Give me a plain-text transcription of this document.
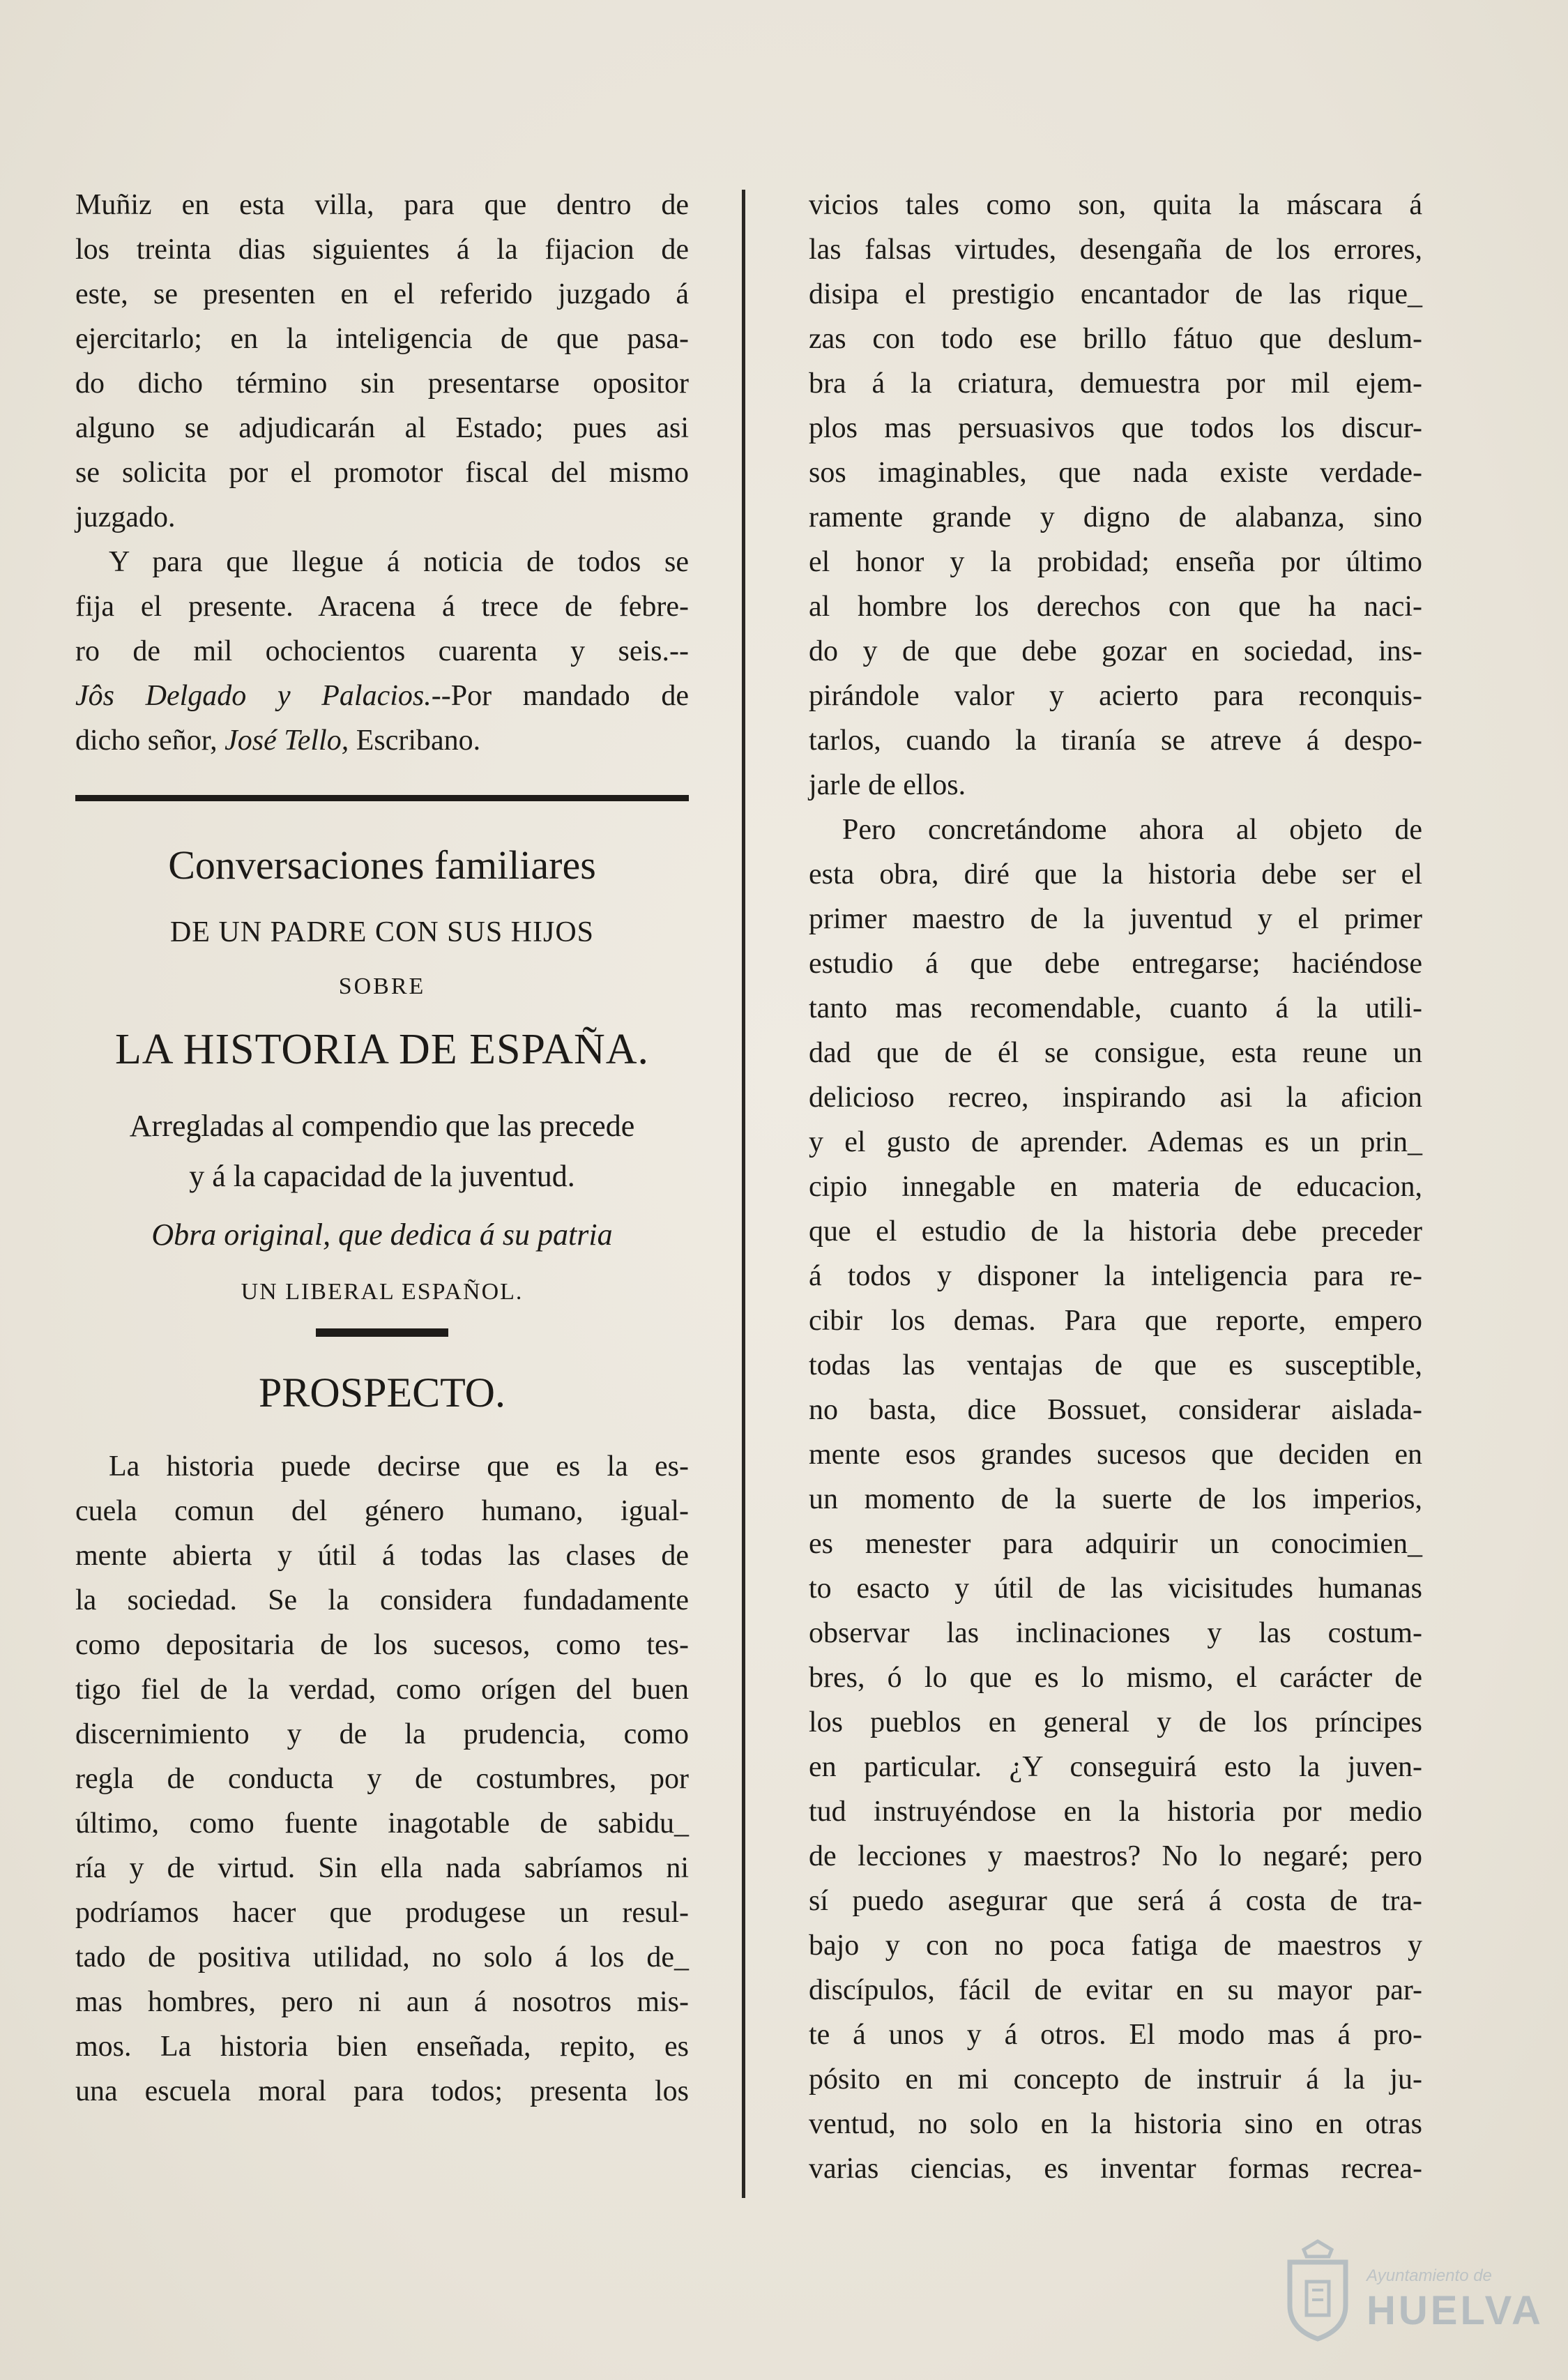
Muñiz en esta villa, para que dentro de
los treinta dias siguientes á la fijacion de
este, se presenten en el referido juzgado á
ejercitarlo; en la inteligencia de que pasa-
do dicho término sin presentarse opositor
alguno se adjudicarán al Estado; pues asi
se solicita por el promotor fiscal del mismo
juzgado.
Y para que llegue á noticia de todos se
fija el presente. Aracena á trece de febre-
ro de mil ochocientos cuarenta y seis.--
Jôs Delgado y Palacios.--Por mandado de
dicho señor, José Tello, Escribano.
Conversaciones familiares
DE UN PADRE CON SUS HIJOS
SOBRE
LA HISTORIA DE ESPAÑA.
Arregladas al compendio que las precede
y á la capacidad de la juventud.
Obra original, que dedica á su patria
UN LIBERAL ESPAÑOL.
PROSPECTO.
La historia puede decirse que es la es-
cuela comun del género humano, igual-
mente abierta y útil á todas las clases de
la sociedad. Se la considera fundadamente
como depositaria de los sucesos, como tes-
tigo fiel de la verdad, como orígen del buen
discernimiento y de la prudencia, como
regla de conducta y de costumbres, por
último, como fuente inagotable de sabidu_
ría y de virtud. Sin ella nada sabríamos ni
podríamos hacer que produgese un resul-
tado de positiva utilidad, no solo á los de_
mas hombres, pero ni aun á nosotros mis-
mos. La historia bien enseñada, repito, es
una escuela moral para todos; presenta los
vicios tales como son, quita la máscara á
las falsas virtudes, desengaña de los errores,
disipa el prestigio encantador de las rique_
zas con todo ese brillo fátuo que deslum-
bra á la criatura, demuestra por mil ejem-
plos mas persuasivos que todos los discur-
sos imaginables, que nada existe verdade-
ramente grande y digno de alabanza, sino
el honor y la probidad; enseña por último
al hombre los derechos con que ha naci-
do y de que debe gozar en sociedad, ins-
pirándole valor y acierto para reconquis-
tarlos, cuando la tiranía se atreve á despo-
jarle de ellos.
Pero concretándome ahora al objeto de
esta obra, diré que la historia debe ser el
primer maestro de la juventud y el primer
estudio á que debe entregarse; haciéndose
tanto mas recomendable, cuanto á la utili-
dad que de él se consigue, esta reune un
delicioso recreo, inspirando asi la aficion
y el gusto de aprender. Ademas es un prin_
cipio innegable en materia de educacion,
que el estudio de la historia debe preceder
á todos y disponer la inteligencia para re-
cibir los demas. Para que reporte, empero
todas las ventajas de que es susceptible,
no basta, dice Bossuet, considerar aislada-
mente esos grandes sucesos que deciden en
un momento de la suerte de los imperios,
es menester para adquirir un conocimien_
to esacto y útil de las vicisitudes humanas
observar las inclinaciones y las costum-
bres, ó lo que es lo mismo, el carácter de
los pueblos en general y de los príncipes
en particular. ¿Y conseguirá esto la juven-
tud instruyéndose en la historia por medio
de lecciones y maestros? No lo negaré; pero
sí puedo asegurar que será á costa de tra-
bajo y con no poca fatiga de maestros y
discípulos, fácil de evitar en su mayor par-
te á unos y á otros. El modo mas á pro-
pósito en mi concepto de instruir á la ju-
ventud, no solo en la historia sino en otras
varias ciencias, es inventar formas recrea-
Ayuntamiento de
HUELVA
